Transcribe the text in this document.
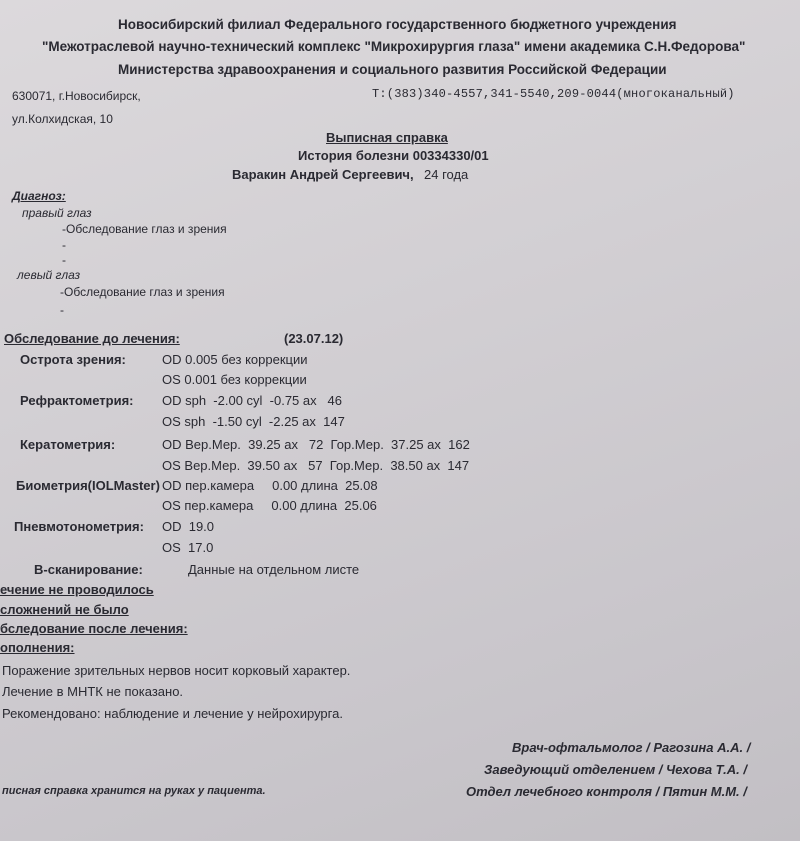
Новосибирский филиал Федерального государственного бюджетного учреждения
"Межотраслевой научно-технический комплекс "Микрохирургия глаза" имени академика С.Н.Федорова"
Министерства здравоохранения и социального развития Российской Федерации
630071, г.Новосибирск,	Т:(383)340-4557,341-5540,209-0044(многоканальный)
ул.Колхидская, 10
Выписная справка
История болезни 00334330/01
Варакин Андрей Сергеевич, 24 года
Диагноз:
правый глаз
-Обследование глаз и зрения
-
-
левый глаз
-Обследование глаз и зрения
-
Обследование до лечения:	(23.07.12)
Острота зрения:	OD 0.005 без коррекции
OS 0.001 без коррекции
Рефрактометрия: OD sph  -2.00 cyl  -0.75 ax   46
OS sph  -1.50 cyl  -2.25 ax  147
Кератометрия:	OD Вер.Мер.  39.25 ах   72  Гор.Мер.  37.25 ах  162
OS Вер.Мер.  39.50 ах   57  Гор.Мер.  38.50 ах  147
Биометрия(IOLMaster) OD пер.камера     0.00 длина  25.08
OS пер.камера     0.00 длина  25.06
Пневмотонометрия: OD  19.0
OS  17.0
B-сканирование:	Данные на отдельном листе
ечение не проводилось
сложнений не было
бследование после лечения:
ополнения:
Поражение зрительных нервов носит корковый характер.
Лечение в МНТК не показано.
Рекомендовано: наблюдение и лечение у нейрохирурга.
Врач-офтальмолог / Рагозина А.А. /
Заведующий отделением / Чехова Т.А. /
Отдел лечебного контроля / Пятин М.М. /
писная справка хранится на руках у пациента.
